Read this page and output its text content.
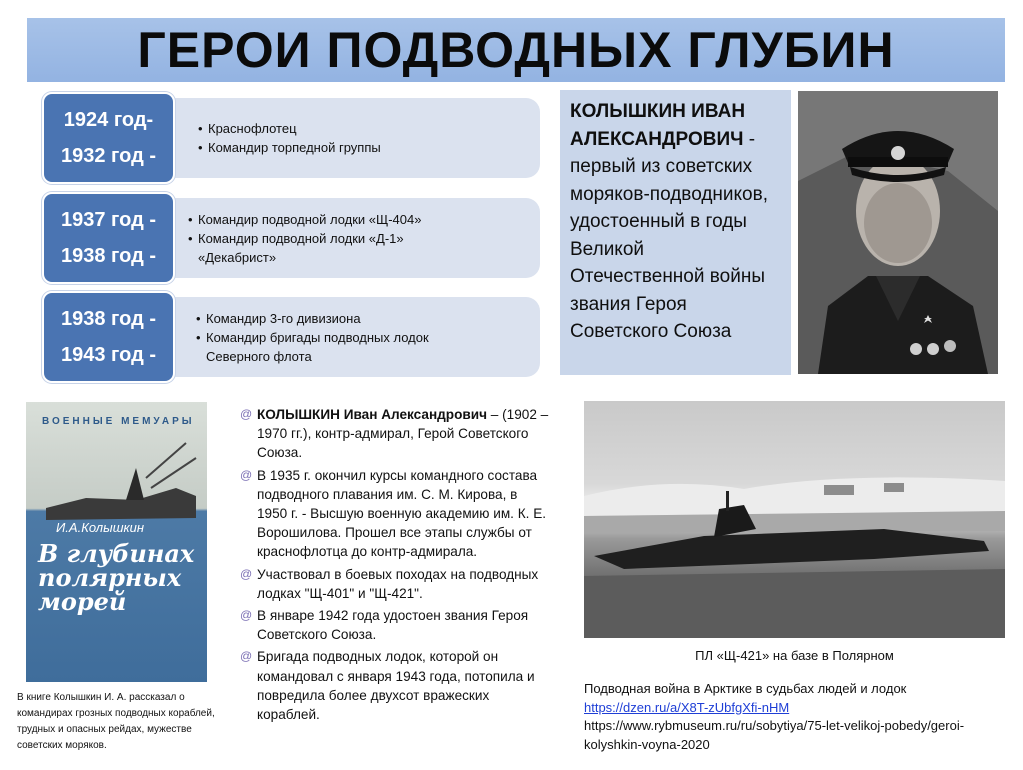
ГЕРОИ ПОДВОДНЫХ ГЛУБИН
• Краснофлотец
• Командир торпедной группы
1924 год-
1932 год -
• Командир подводной лодки «Щ-404»
• Командир подводной лодки «Д-1» «Декабрист»
1937 год -
1938 год -
• Командир 3-го дивизиона
• Командир бригады подводных лодок Северного флота
1938 год -
1943 год -
КОЛЫШКИН ИВАН АЛЕКСАНДРОВИЧ - первый из советских моряков-подводников, удостоенный в годы Великой Отечественной войны звания Героя Советского Союза
ВОЕННЫЕ МЕМУАРЫ
И.А.Колышкин
В глубинах
полярных
морей
В книге Колышкин И. А. рассказал о командирах грозных подводных кораблей, трудных и опасных рейдах, мужестве советских моряков.

@ КОЛЫШКИН Иван Александрович – (1902 – 1970 гг.), контр-адмирал, Герой Советского Союза.

@ В 1935 г. окончил курсы командного состава подводного плавания им. С. М. Кирова, в 1950 г. - Высшую военную академию им. К. Е. Ворошилова. Прошел все этапы службы от краснофлотца до контр-адмирала.

@ Участвовал в боевых походах на подводных лодках "Щ-401" и "Щ-421".

@ В январе 1942 года удостоен звания Героя Советского Союза.

@ Бригада подводных лодок, которой он командовал с января 1943 года, потопила и повредила более двухсот вражеских кораблей.

ПЛ «Щ-421» на базе в Полярном
Подводная война в Арктике в судьбах людей и лодок
https://dzen.ru/a/X8T-zUbfgXfi-nHM
https://www.rybmuseum.ru/ru/sobytiya/75-let-velikoj-pobedy/geroi-kolyshkin-voyna-2020
